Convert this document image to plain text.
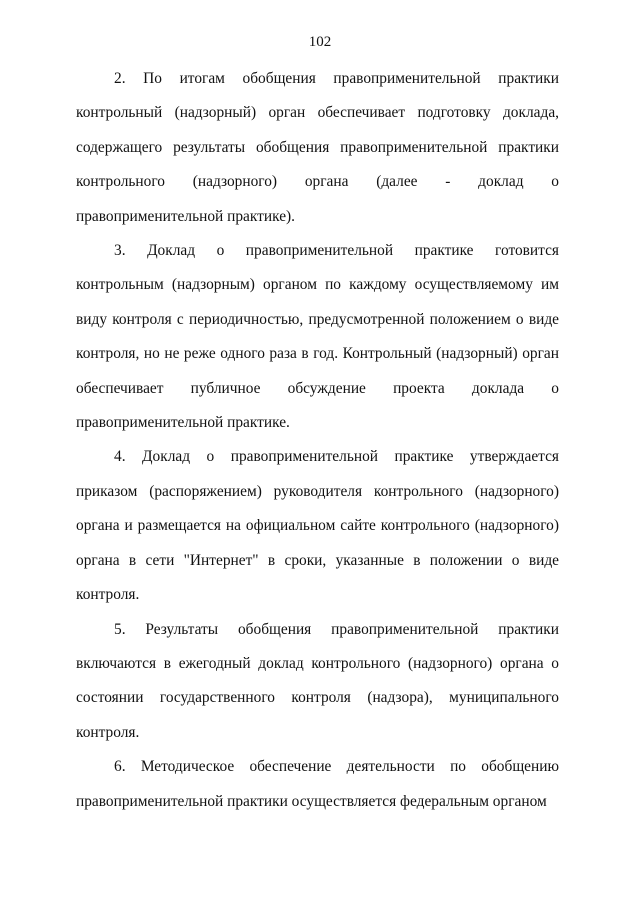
102

2. По итогам обобщения правоприменительной практики контрольный (надзорный) орган обеспечивает подготовку доклада, содержащего результаты обобщения правоприменительной практики контрольного (надзорного) органа (далее - доклад о правоприменительной практике).

3. Доклад о правоприменительной практике готовится контрольным (надзорным) органом по каждому осуществляемому им виду контроля с периодичностью, предусмотренной положением о виде контроля, но не реже одного раза в год. Контрольный (надзорный) орган обеспечивает публичное обсуждение проекта доклада о правоприменительной практике.

4. Доклад о правоприменительной практике утверждается приказом (распоряжением) руководителя контрольного (надзорного) органа и размещается на официальном сайте контрольного (надзорного) органа в сети "Интернет" в сроки, указанные в положении о виде контроля.

5. Результаты обобщения правоприменительной практики включаются в ежегодный доклад контрольного (надзорного) органа о состоянии государственного контроля (надзора), муниципального контроля.

6. Методическое обеспечение деятельности по обобщению правоприменительной практики осуществляется федеральным органом
